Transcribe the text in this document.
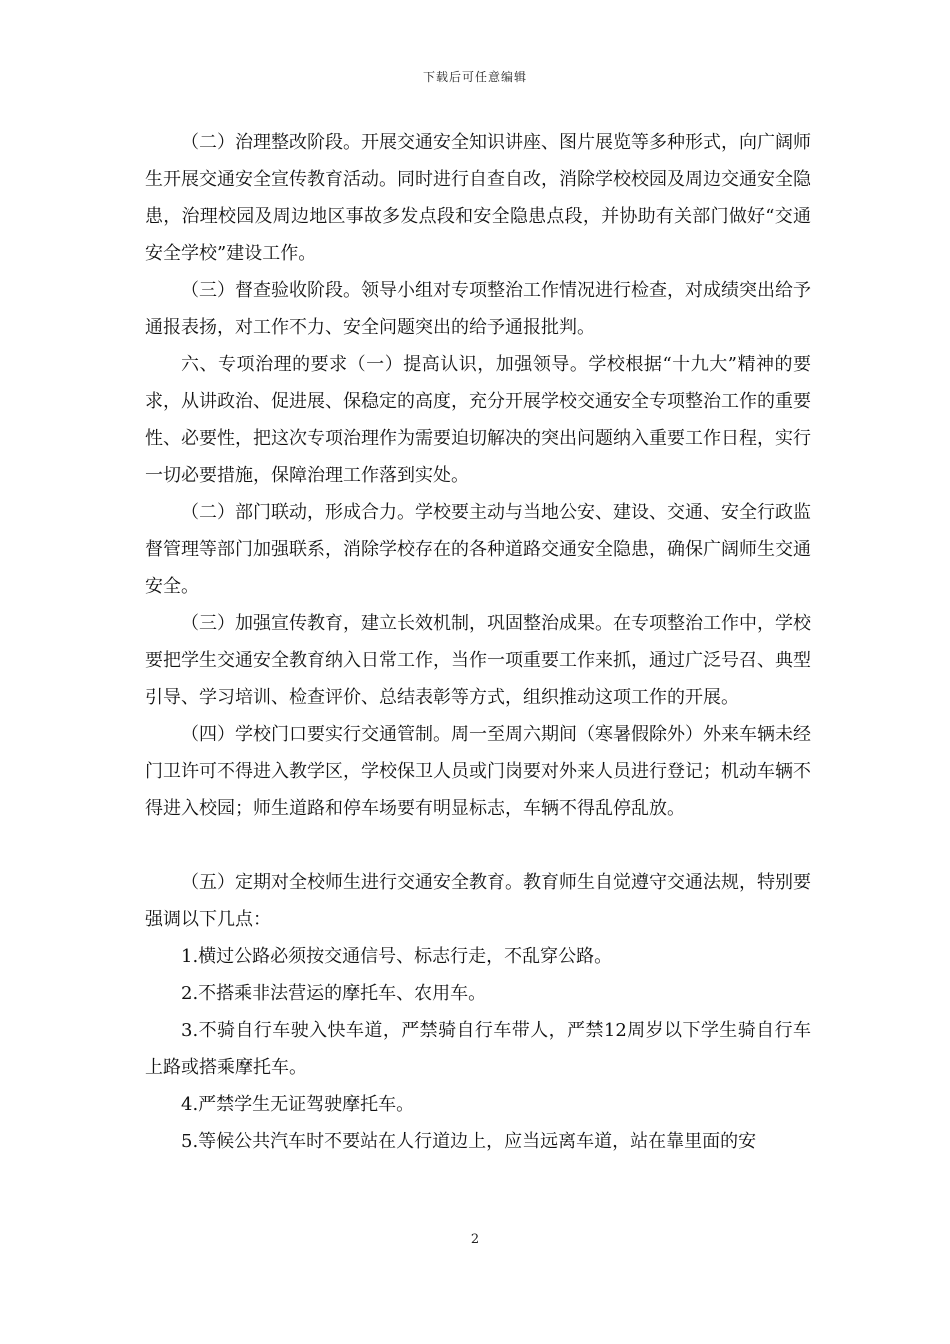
下载后可任意编辑

（二）治理整改阶段。开展交通安全知识讲座、图片展览等多种形式，向广阔师生开展交通安全宣传教育活动。同时进行自查自改，消除学校校园及周边交通安全隐患，治理校园及周边地区事故多发点段和安全隐患点段，并协助有关部门做好“交通安全学校”建设工作。

（三）督查验收阶段。领导小组对专项整治工作情况进行检查，对成绩突出给予通报表扬，对工作不力、安全问题突出的给予通报批判。

六、专项治理的要求（一）提高认识，加强领导。学校根据“十九大”精神的要求，从讲政治、促进展、保稳定的高度，充分开展学校交通安全专项整治工作的重要性、必要性，把这次专项治理作为需要迫切解决的突出问题纳入重要工作日程，实行一切必要措施，保障治理工作落到实处。

（二）部门联动，形成合力。学校要主动与当地公安、建设、交通、安全行政监督管理等部门加强联系，消除学校存在的各种道路交通安全隐患，确保广阔师生交通安全。

（三）加强宣传教育，建立长效机制，巩固整治成果。在专项整治工作中，学校要把学生交通安全教育纳入日常工作，当作一项重要工作来抓，通过广泛号召、典型引导、学习培训、检查评价、总结表彰等方式，组织推动这项工作的开展。

（四）学校门口要实行交通管制。周一至周六期间（寒暑假除外）外来车辆未经门卫许可不得进入教学区，学校保卫人员或门岗要对外来人员进行登记；机动车辆不得进入校园；师生道路和停车场要有明显标志，车辆不得乱停乱放。

（五）定期对全校师生进行交通安全教育。教育师生自觉遵守交通法规，特别要强调以下几点：

1.横过公路必须按交通信号、标志行走，不乱穿公路。

2.不搭乘非法营运的摩托车、农用车。

3.不骑自行车驶入快车道，严禁骑自行车带人，严禁12周岁以下学生骑自行车上路或搭乘摩托车。

4.严禁学生无证驾驶摩托车。

5.等候公共汽车时不要站在人行道边上，应当远离车道，站在靠里面的安

2
